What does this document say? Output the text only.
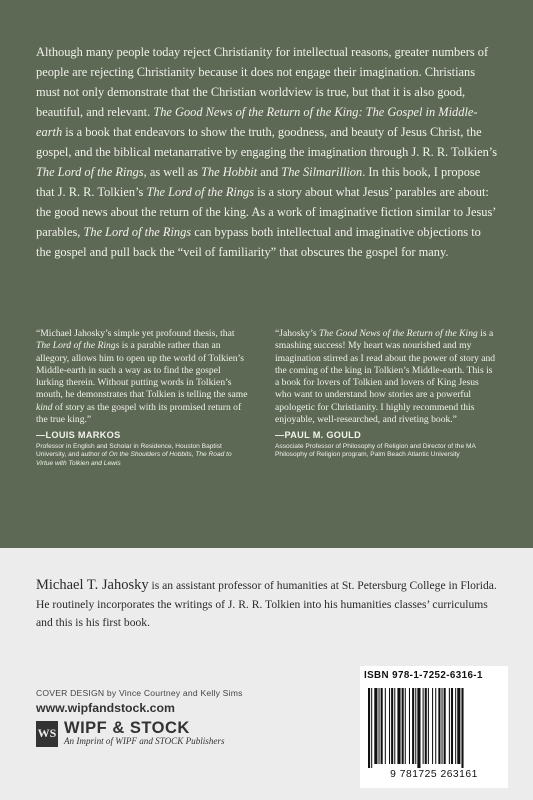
Although many people today reject Christianity for intellectual reasons, greater numbers of people are rejecting Christianity because it does not engage their imagination. Christians must not only demonstrate that the Christian worldview is true, but that it is also good, beautiful, and relevant. The Good News of the Return of the King: The Gospel in Middle-earth is a book that endeavors to show the truth, goodness, and beauty of Jesus Christ, the gospel, and the biblical metanarrative by engaging the imagination through J. R. R. Tolkien’s The Lord of the Rings, as well as The Hobbit and The Silmarillion. In this book, I propose that J. R. R. Tolkien’s The Lord of the Rings is a story about what Jesus’ parables are about: the good news about the return of the king. As a work of imaginative fiction similar to Jesus’ parables, The Lord of the Rings can bypass both intellectual and imaginative objections to the gospel and pull back the “veil of familiarity” that obscures the gospel for many.

“Michael Jahosky’s simple yet profound thesis, that The Lord of the Rings is a parable rather than an allegory, allows him to open up the world of Tolkien’s Middle-earth in such a way as to find the gospel lurking therein. Without putting words in Tolkien’s mouth, he demonstrates that Tolkien is telling the same kind of story as the gospel with its promised return of the true king.”
—LOUIS MARKOS
Professor in English and Scholar in Residence, Houston Baptist University, and author of On the Shoulders of Hobbits, The Road to Virtue with Tolkien and Lewis
“Jahosky’s The Good News of the Return of the King is a smashing success! My heart was nourished and my imagination stirred as I read about the power of story and the coming of the king in Tolkien’s Middle-earth. This is a book for lovers of Tolkien and lovers of King Jesus who want to understand how stories are a powerful apologetic for Christianity. I highly recommend this enjoyable, well-researched, and riveting book.”
—PAUL M. GOULD
Associate Professor of Philosophy of Religion and Director of the MA Philosophy of Religion program, Palm Beach Atlantic University

Michael T. Jahosky is an assistant professor of humanities at St. Petersburg College in Florida. He routinely incorporates the writings of J. R. R. Tolkien into his humanities classes’ curriculums and this is his first book.

COVER DESIGN by Vince Courtney and Kelly Sims
www.wipfandstock.com
WS WIPF & STOCK
An Imprint of WIPF and STOCK Publishers
ISBN 978-1-7252-6316-1
9 781725 263161
